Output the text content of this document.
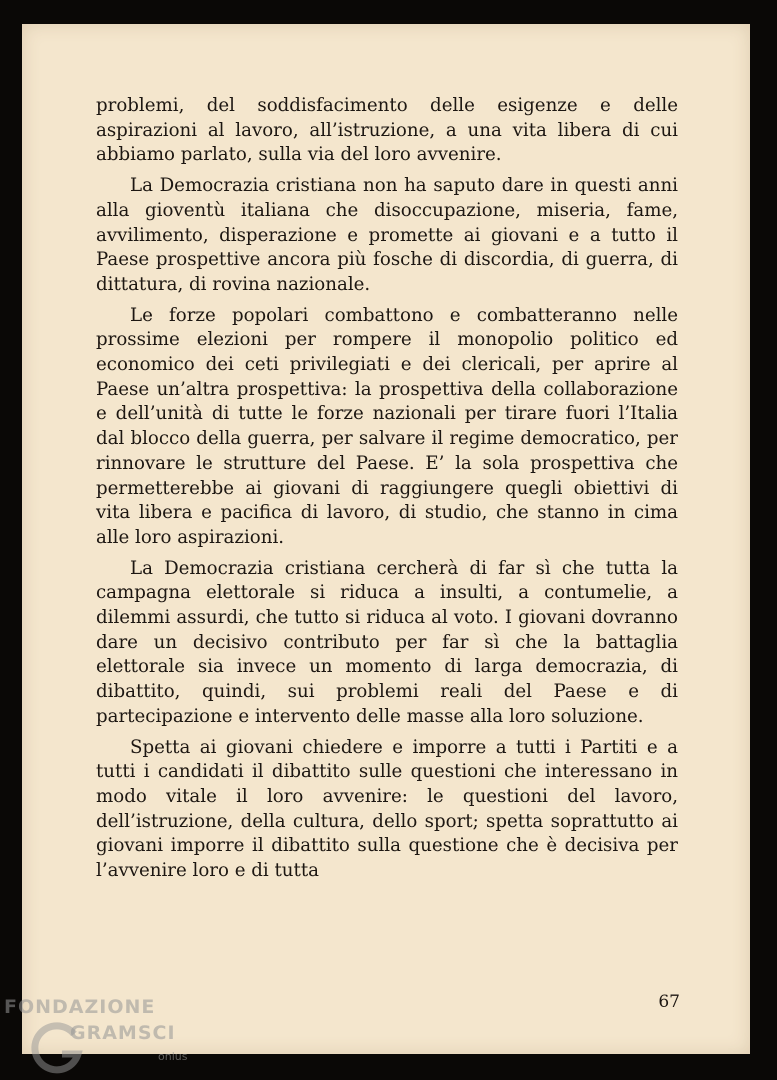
problemi, del soddisfacimento delle esigenze e delle aspirazioni al lavoro, all’istruzione, a una vita libera di cui abbiamo parlato, sulla via del loro avvenire.

La Democrazia cristiana non ha saputo dare in questi anni alla gioventù italiana che disoccupazione, miseria, fame, avvilimento, disperazione e promette ai giovani e a tutto il Paese prospettive ancora più fosche di discordia, di guerra, di dittatura, di rovina nazionale.

Le forze popolari combattono e combatteranno nelle prossime elezioni per rompere il monopolio politico ed economico dei ceti privilegiati e dei clericali, per aprire al Paese un’altra prospettiva: la prospettiva della collaborazione e dell’unità di tutte le forze nazionali per tirare fuori l’Italia dal blocco della guerra, per salvare il regime democratico, per rinnovare le strutture del Paese. E’ la sola prospettiva che permetterebbe ai giovani di raggiungere quegli obiettivi di vita libera e pacifica di lavoro, di studio, che stanno in cima alle loro aspirazioni.

La Democrazia cristiana cercherà di far sì che tutta la campagna elettorale si riduca a insulti, a contumelie, a dilemmi assurdi, che tutto si riduca al voto. I giovani dovranno dare un decisivo contributo per far sì che la battaglia elettorale sia invece un momento di larga democrazia, di dibattito, quindi, sui problemi reali del Paese e di partecipazione e intervento delle masse alla loro soluzione.

Spetta ai giovani chiedere e imporre a tutti i Partiti e a tutti i candidati il dibattito sulle questioni che interessano in modo vitale il loro avvenire: le questioni del lavoro, dell’istruzione, della cultura, dello sport; spetta soprattutto ai giovani imporre il dibattito sulla questione che è decisiva per l’avvenire loro e di tutta

67
FONDAZIONE
GRAMSCI
onlus
